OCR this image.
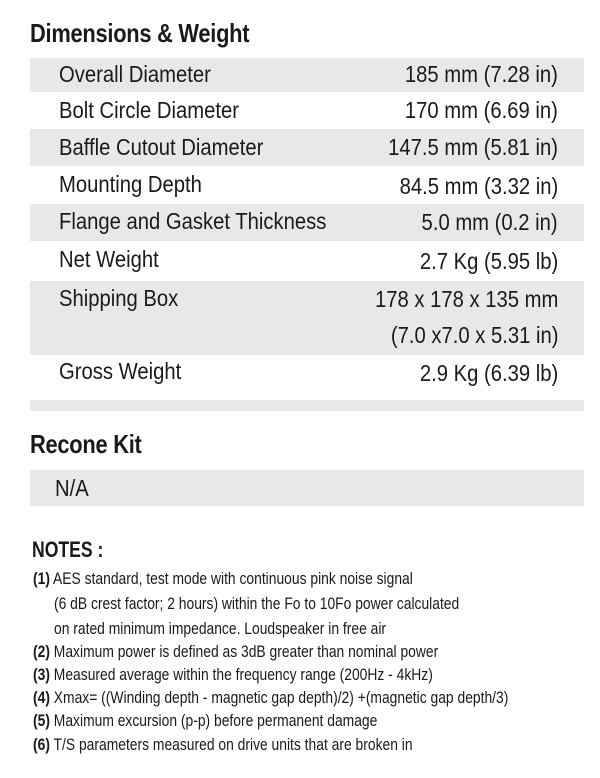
Dimensions & Weight
Overall Diameter	185 mm (7.28 in)
Bolt Circle Diameter	170 mm (6.69 in)
Baffle Cutout Diameter	147.5 mm (5.81 in)
Mounting Depth	84.5 mm (3.32 in)
Flange and Gasket Thickness	5.0 mm (0.2 in)
Net Weight	2.7 Kg (5.95 lb)
Shipping Box	178 x 178 x 135 mm
(7.0 x7.0 x 5.31 in)
Gross Weight	2.9 Kg (6.39 lb)
Recone Kit
N/A
NOTES :
(1) AES standard, test mode with continuous pink noise signal
(6 dB crest factor; 2 hours) within the Fo to 10Fo power calculated
on rated minimum impedance. Loudspeaker in free air
(2) Maximum power is defined as 3dB greater than nominal power
(3) Measured average within the frequency range (200Hz - 4kHz)
(4) Xmax= ((Winding depth - magnetic gap depth)/2) +(magnetic gap depth/3)
(5) Maximum excursion (p-p) before permanent damage
(6) T/S parameters measured on drive units that are broken in
